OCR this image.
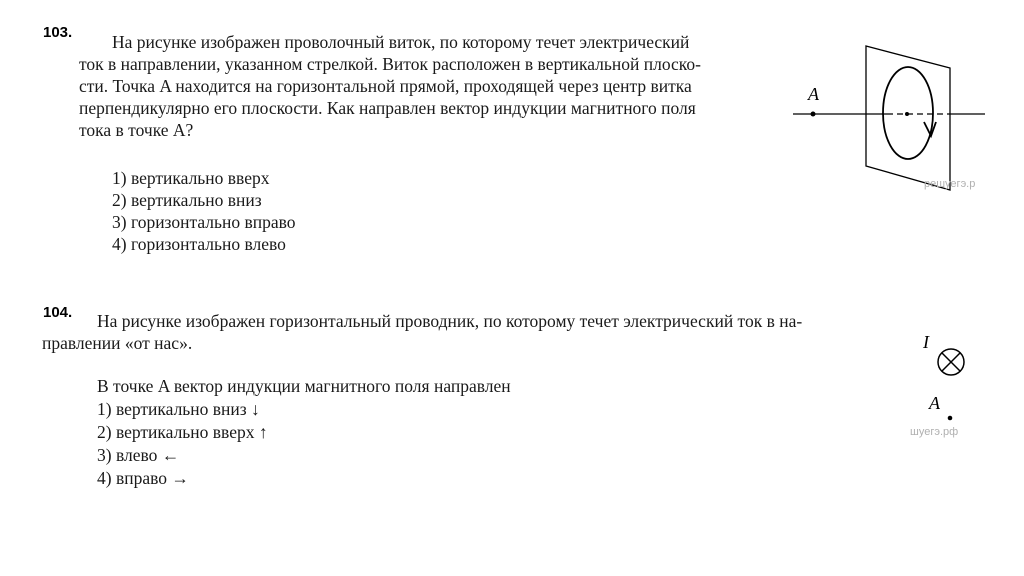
103. На рисунке изображен проволочный виток, по которому течет электрический

ток в направлении, указанном стрелкой. Виток расположен в вертикальной плоско-

сти. Точка A находится на горизонтальной прямой, проходящей через центр витка

перпендикулярно его плоскости. Как направлен вектор индукции магнитного поля

тока в точке A?

1) вертикально вверх
2) вертикально вниз
3) горизонтально вправо
4) горизонтально влево
A
решуегэ.р
104. На рисунке изображен горизонтальный проводник, по которому течет электрический ток в на-

правлении «от нас».

В точке A вектор индукции магнитного поля направлен
1) вертикально вниз ↓
2) вертикально вверх ↑
3) влево ←
4) вправо →
I
A
шуегэ.рф
